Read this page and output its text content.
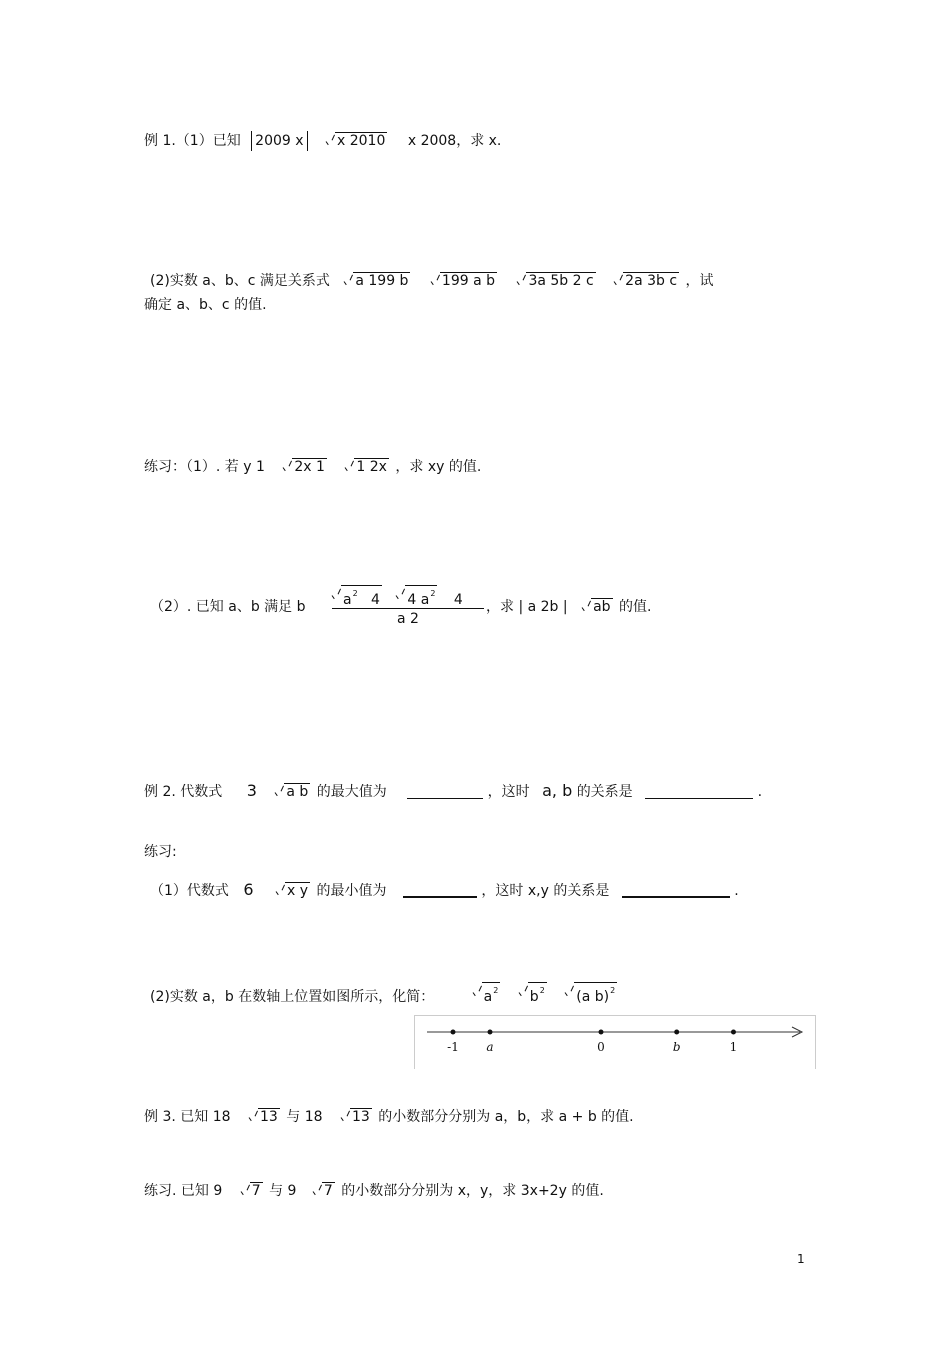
例 1.（1）已知 2009 x x 2010 x 2008，求 x.
(2)实数 a、b、c 满足关系式 a 199 b 199 a b 3a 5b 2 c 2a 3b c ，试
确定 a、b、c 的值.
练习：（1）. 若 y 1 2x 1 1 2x ，求 xy 的值.
（2）. 已知 a、b 满足 b	$a^2$ 4 4 $a^2$ 4
a 2
，求 | a 2b | ab 的值.
例 2. 代数式 3 a b 的最大值为	，这时 a, b 的关系是	.
练习:
（1）代数式 6 x y 的最小值为	，这时 x,y 的关系是	.
(2)实数 a，b 在数轴上位置如图所示，化简：	a2 b2 (a b)2
-1 a	0	b	1
例 3. 已知 18 13 与 18 13 的小数部分分别为 a，b，求 a + b 的值.
练习. 已知 9 7 与 9 7 的小数部分分别为 x，y，求 3x+2y 的值.
1
